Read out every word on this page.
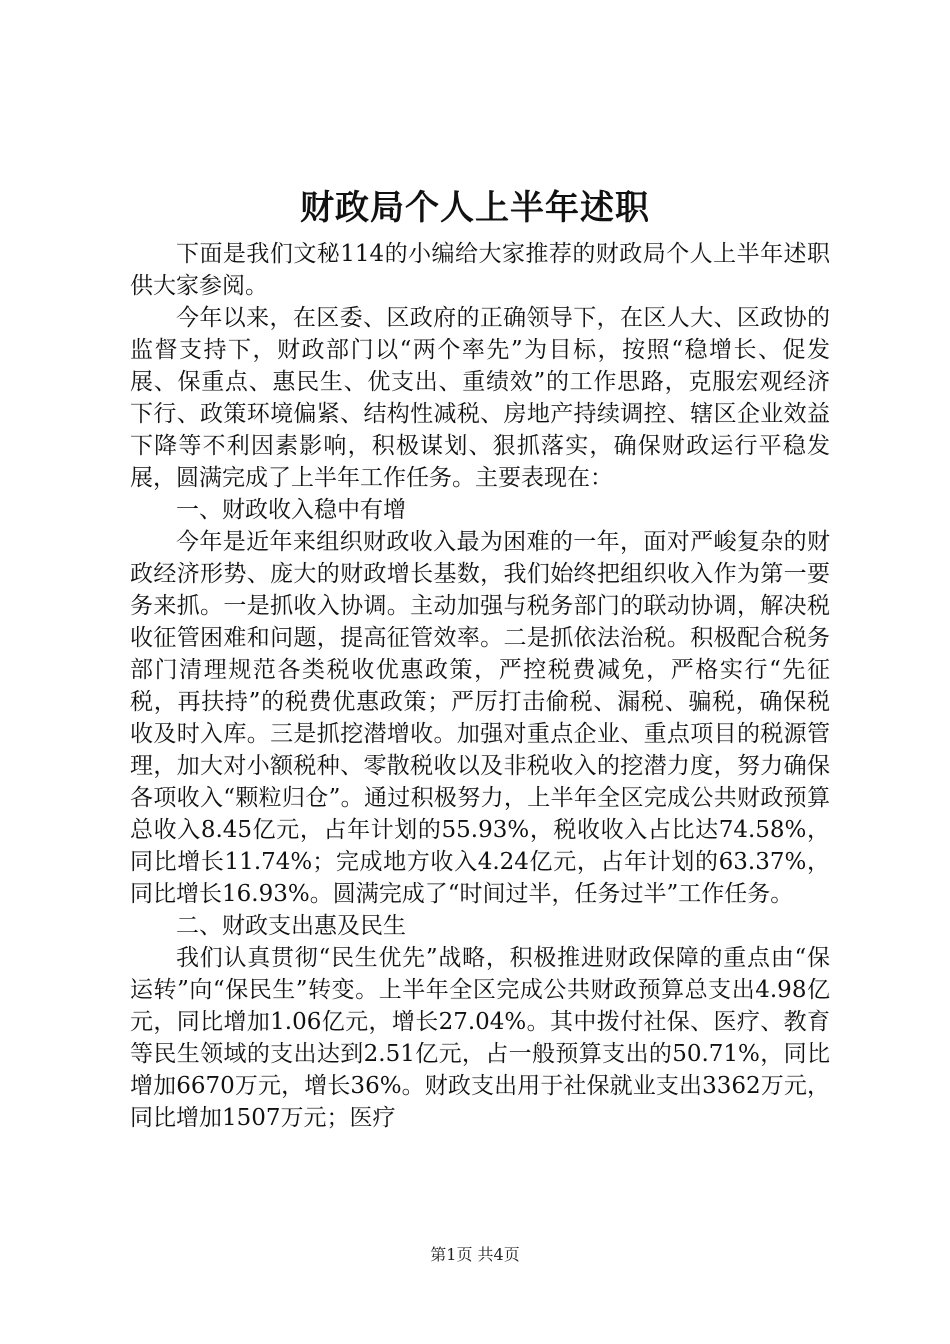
财政局个人上半年述职

下面是我们文秘114的小编给大家推荐的财政局个人上半年述职供大家参阅。

今年以来，在区委、区政府的正确领导下，在区人大、区政协的监督支持下，财政部门以“两个率先”为目标，按照“稳增长、促发展、保重点、惠民生、优支出、重绩效”的工作思路，克服宏观经济下行、政策环境偏紧、结构性减税、房地产持续调控、辖区企业效益下降等不利因素影响，积极谋划、狠抓落实，确保财政运行平稳发展，圆满完成了上半年工作任务。主要表现在：

一、财政收入稳中有增

今年是近年来组织财政收入最为困难的一年，面对严峻复杂的财政经济形势、庞大的财政增长基数，我们始终把组织收入作为第一要务来抓。一是抓收入协调。主动加强与税务部门的联动协调，解决税收征管困难和问题，提高征管效率。二是抓依法治税。积极配合税务部门清理规范各类税收优惠政策，严控税费减免，严格实行“先征税，再扶持”的税费优惠政策；严厉打击偷税、漏税、骗税，确保税收及时入库。三是抓挖潜增收。加强对重点企业、重点项目的税源管理，加大对小额税种、零散税收以及非税收入的挖潜力度，努力确保各项收入“颗粒归仓”。通过积极努力，上半年全区完成公共财政预算总收入8.45亿元，占年计划的55.93%，税收收入占比达74.58%，同比增长11.74%；完成地方收入4.24亿元，占年计划的63.37%，同比增长16.93%。圆满完成了“时间过半，任务过半”工作任务。

二、财政支出惠及民生

我们认真贯彻“民生优先”战略，积极推进财政保障的重点由“保运转”向“保民生”转变。上半年全区完成公共财政预算总支出4.98亿元，同比增加1.06亿元，增长27.04%。其中拨付社保、医疗、教育等民生领域的支出达到2.51亿元，占一般预算支出的50.71%，同比增加6670万元，增长36%。财政支出用于社保就业支出3362万元，同比增加1507万元；医疗

第1页 共4页
